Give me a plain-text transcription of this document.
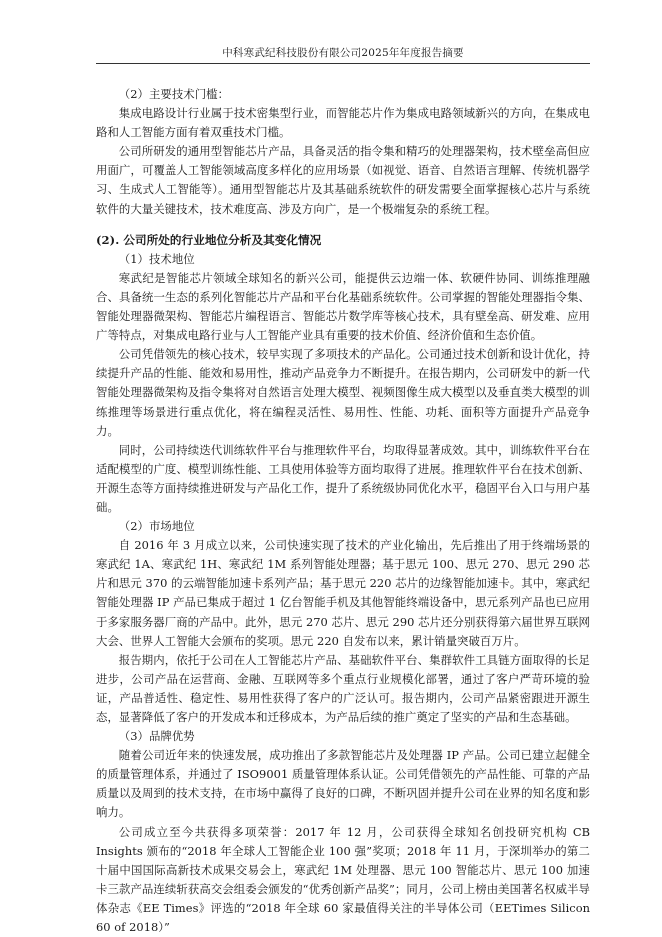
中科寒武纪科技股份有限公司2025年年度报告摘要

（2）主要技术门槛：

集成电路设计行业属于技术密集型行业，而智能芯片作为集成电路领域新兴的方向，在集成电路和人工智能方面有着双重技术门槛。

公司所研发的通用型智能芯片产品，具备灵活的指令集和精巧的处理器架构，技术壁垒高但应用面广，可覆盖人工智能领域高度多样化的应用场景（如视觉、语音、自然语言理解、传统机器学习、生成式人工智能等）。通用型智能芯片及其基础系统软件的研发需要全面掌握核心芯片与系统软件的大量关键技术，技术难度高、涉及方向广，是一个极端复杂的系统工程。

(2). 公司所处的行业地位分析及其变化情况

（1）技术地位

寒武纪是智能芯片领域全球知名的新兴公司，能提供云边端一体、软硬件协同、训练推理融合、具备统一生态的系列化智能芯片产品和平台化基础系统软件。公司掌握的智能处理器指令集、智能处理器微架构、智能芯片编程语言、智能芯片数学库等核心技术，具有壁垒高、研发难、应用广等特点，对集成电路行业与人工智能产业具有重要的技术价值、经济价值和生态价值。

公司凭借领先的核心技术，较早实现了多项技术的产品化。公司通过技术创新和设计优化，持续提升产品的性能、能效和易用性，推动产品竞争力不断提升。在报告期内，公司研发中的新一代智能处理器微架构及指令集将对自然语言处理大模型、视频图像生成大模型以及垂直类大模型的训练推理等场景进行重点优化，将在编程灵活性、易用性、性能、功耗、面积等方面提升产品竞争力。

同时，公司持续迭代训练软件平台与推理软件平台，均取得显著成效。其中，训练软件平台在适配模型的广度、模型训练性能、工具使用体验等方面均取得了进展。推理软件平台在技术创新、开源生态等方面持续推进研发与产品化工作，提升了系统级协同优化水平，稳固平台入口与用户基础。

（2）市场地位

自 2016 年 3 月成立以来，公司快速实现了技术的产业化输出，先后推出了用于终端场景的寒武纪 1A、寒武纪 1H、寒武纪 1M 系列智能处理器；基于思元 100、思元 270、思元 290 芯片和思元 370 的云端智能加速卡系列产品；基于思元 220 芯片的边缘智能加速卡。其中，寒武纪智能处理器 IP 产品已集成于超过 1 亿台智能手机及其他智能终端设备中，思元系列产品也已应用于多家服务器厂商的产品中。此外，思元 270 芯片、思元 290 芯片还分别获得第六届世界互联网大会、世界人工智能大会颁布的奖项。思元 220 自发布以来，累计销量突破百万片。

报告期内，依托于公司在人工智能芯片产品、基础软件平台、集群软件工具链方面取得的长足进步，公司产品在运营商、金融、互联网等多个重点行业规模化部署，通过了客户严苛环境的验证，产品普适性、稳定性、易用性获得了客户的广泛认可。报告期内，公司产品紧密跟进开源生态，显著降低了客户的开发成本和迁移成本，为产品后续的推广奠定了坚实的产品和生态基础。

（3）品牌优势

随着公司近年来的快速发展，成功推出了多款智能芯片及处理器 IP 产品。公司已建立起健全的质量管理体系，并通过了 ISO9001 质量管理体系认证。公司凭借领先的产品性能、可靠的产品质量以及周到的技术支持，在市场中赢得了良好的口碑，不断巩固并提升公司在业界的知名度和影响力。

公司成立至今共获得多项荣誉：2017 年 12 月，公司获得全球知名创投研究机构 CB Insights 颁布的“2018 年全球人工智能企业 100 强”奖项；2018 年 11 月，于深圳举办的第二十届中国国际高新技术成果交易会上，寒武纪 1M 处理器、思元 100 智能芯片、思元 100 加速卡三款产品连续斩获高交会组委会颁发的“优秀创新产品奖”；同月，公司上榜由美国著名权威半导体杂志《EE Times》评选的“2018 年全球 60 家最值得关注的半导体公司（EETimes Silicon 60 of 2018）”
